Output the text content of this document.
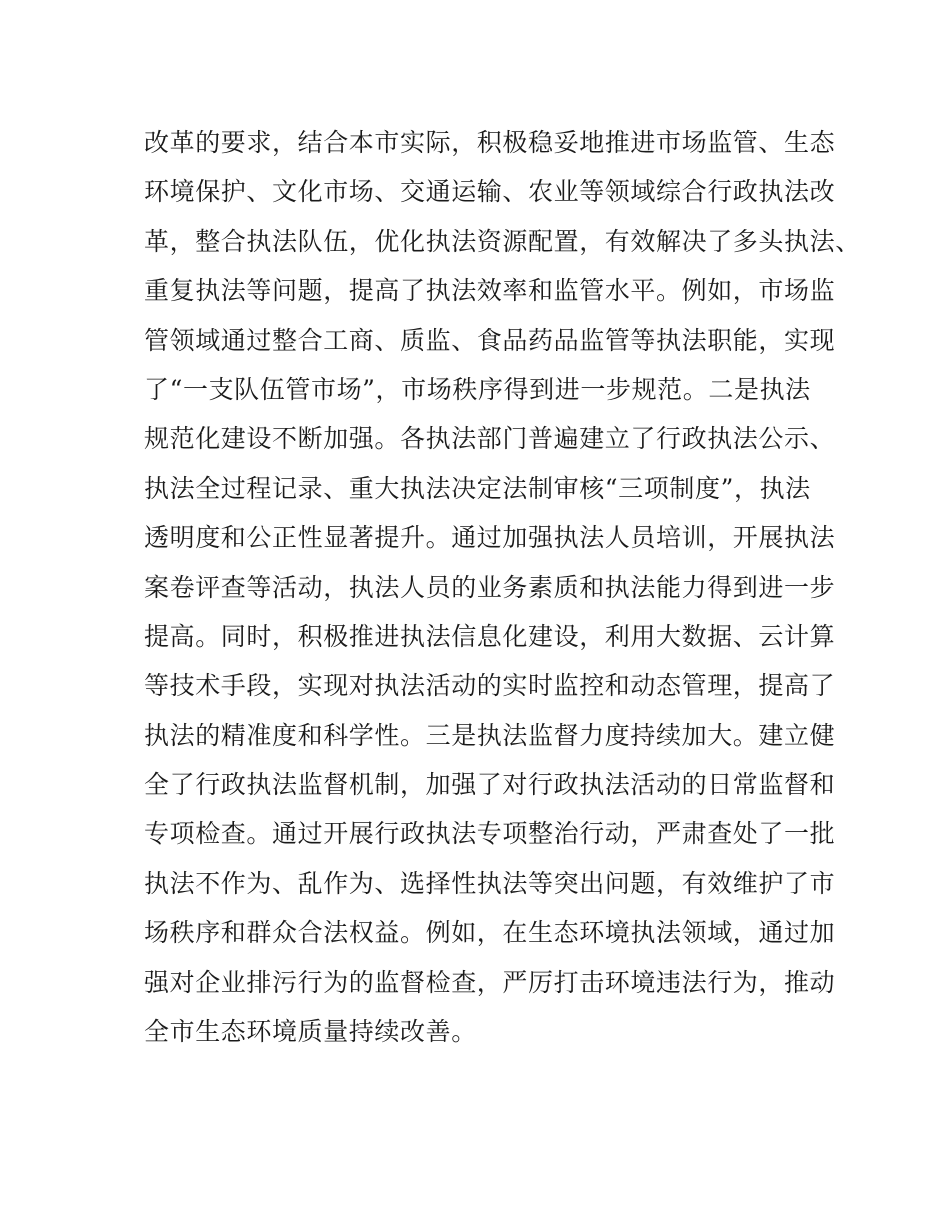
改革的要求，结合本市实际，积极稳妥地推进市场监管、生态
环境保护、文化市场、交通运输、农业等领域综合行政执法改
革，整合执法队伍，优化执法资源配置，有效解决了多头执法、
重复执法等问题，提高了执法效率和监管水平。例如，市场监
管领域通过整合工商、质监、食品药品监管等执法职能，实现
了“一支队伍管市场”，市场秩序得到进一步规范。二是执法
规范化建设不断加强。各执法部门普遍建立了行政执法公示、
执法全过程记录、重大执法决定法制审核“三项制度”，执法
透明度和公正性显著提升。通过加强执法人员培训，开展执法
案卷评查等活动，执法人员的业务素质和执法能力得到进一步
提高。同时，积极推进执法信息化建设，利用大数据、云计算
等技术手段，实现对执法活动的实时监控和动态管理，提高了
执法的精准度和科学性。三是执法监督力度持续加大。建立健
全了行政执法监督机制，加强了对行政执法活动的日常监督和
专项检查。通过开展行政执法专项整治行动，严肃查处了一批
执法不作为、乱作为、选择性执法等突出问题，有效维护了市
场秩序和群众合法权益。例如，在生态环境执法领域，通过加
强对企业排污行为的监督检查，严厉打击环境违法行为，推动
全市生态环境质量持续改善。
